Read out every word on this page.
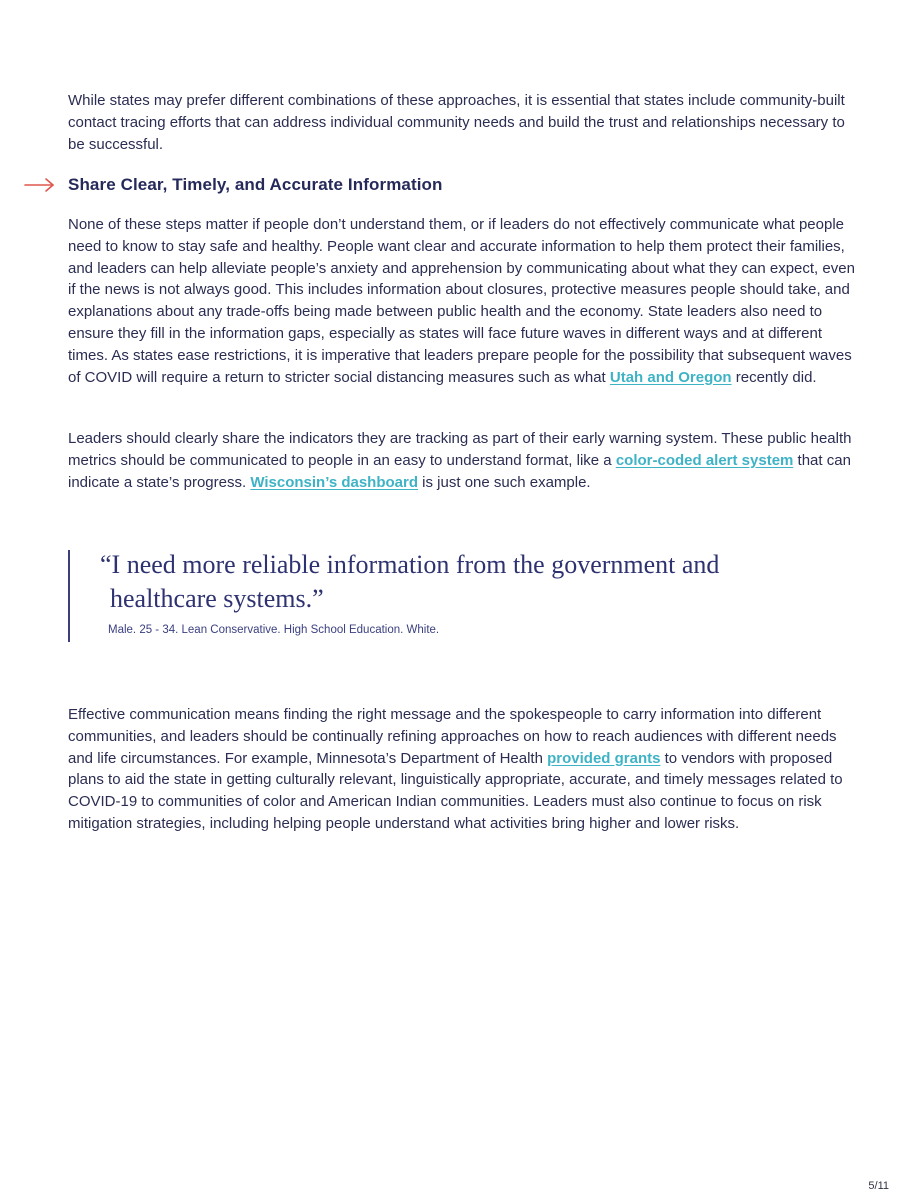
While states may prefer different combinations of these approaches, it is essential that states include community-built contact tracing efforts that can address individual community needs and build the trust and relationships necessary to be successful.

Share Clear, Timely, and Accurate Information

None of these steps matter if people don’t understand them, or if leaders do not effectively communicate what people need to know to stay safe and healthy. People want clear and accurate information to help them protect their families, and leaders can help alleviate people’s anxiety and apprehension by communicating about what they can expect, even if the news is not always good. This includes information about closures, protective measures people should take, and explanations about any trade-offs being made between public health and the economy. State leaders also need to ensure they fill in the information gaps, especially as states will face future waves in different ways and at different times. As states ease restrictions, it is imperative that leaders prepare people for the possibility that subsequent waves of COVID will require a return to stricter social distancing measures such as what Utah and Oregon recently did.

Leaders should clearly share the indicators they are tracking as part of their early warning system. These public health metrics should be communicated to people in an easy to understand format, like a color-coded alert system that can indicate a state’s progress. Wisconsin’s dashboard is just one such example.

“I need more reliable information from the government and healthcare systems.”

Male. 25 - 34. Lean Conservative. High School Education. White.

Effective communication means finding the right message and the spokespeople to carry information into different communities, and leaders should be continually refining approaches on how to reach audiences with different needs and life circumstances. For example, Minnesota’s Department of Health provided grants to vendors with proposed plans to aid the state in getting culturally relevant, linguistically appropriate, accurate, and timely messages related to COVID-19 to communities of color and American Indian communities. Leaders must also continue to focus on risk mitigation strategies, including helping people understand what activities bring higher and lower risks.

5/11
